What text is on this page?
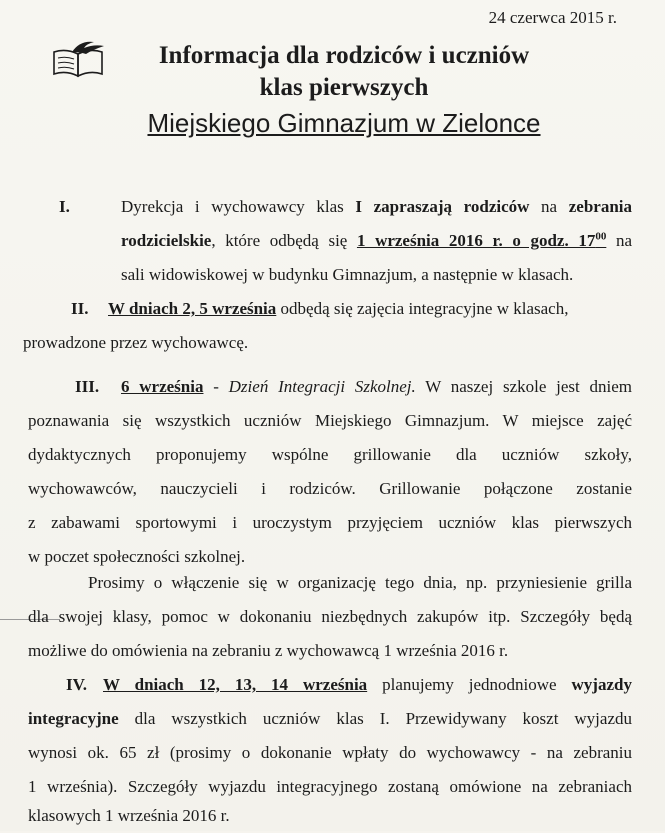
24 czerwca 2015 r.
Informacja dla rodziców i uczniów
klas pierwszych
Miejskiego Gimnazjum w Zielonce
I.	Dyrekcja i wychowawcy klas I zapraszają rodziców na zebrania
rodzicielskie, które odbędą się 1 września 2016 r. o godz. $17^{00}$ na
sali widowiskowej w budynku Gimnazjum, a następnie w klasach.
II. W dniach 2, 5 września odbędą się zajęcia integracyjne w klasach,
prowadzone przez wychowawcę.
III. 6 września - Dzień Integracji Szkolnej. W naszej szkole jest dniem
poznawania się wszystkich uczniów Miejskiego Gimnazjum. W miejsce zajęć
dydaktycznych proponujemy wspólne grillowanie dla uczniów szkoły,
wychowawców, nauczycieli i rodziców. Grillowanie połączone zostanie
z zabawami sportowymi i uroczystym przyjęciem uczniów klas pierwszych
w poczet społeczności szkolnej.
Prosimy o włączenie się w organizację tego dnia, np. przyniesienie grilla
dla swojej klasy, pomoc w dokonaniu niezbędnych zakupów itp. Szczegóły będą
możliwe do omówienia na zebraniu z wychowawcą 1 września 2016 r.
IV. W dniach 12, 13, 14 września planujemy jednodniowe wyjazdy
integracyjne dla wszystkich uczniów klas I. Przewidywany koszt wyjazdu
wynosi ok. 65 zł (prosimy o dokonanie wpłaty do wychowawcy - na zebraniu
1 września). Szczegóły wyjazdu integracyjnego zostaną omówione na zebraniach
klasowych 1 września 2016 r.
